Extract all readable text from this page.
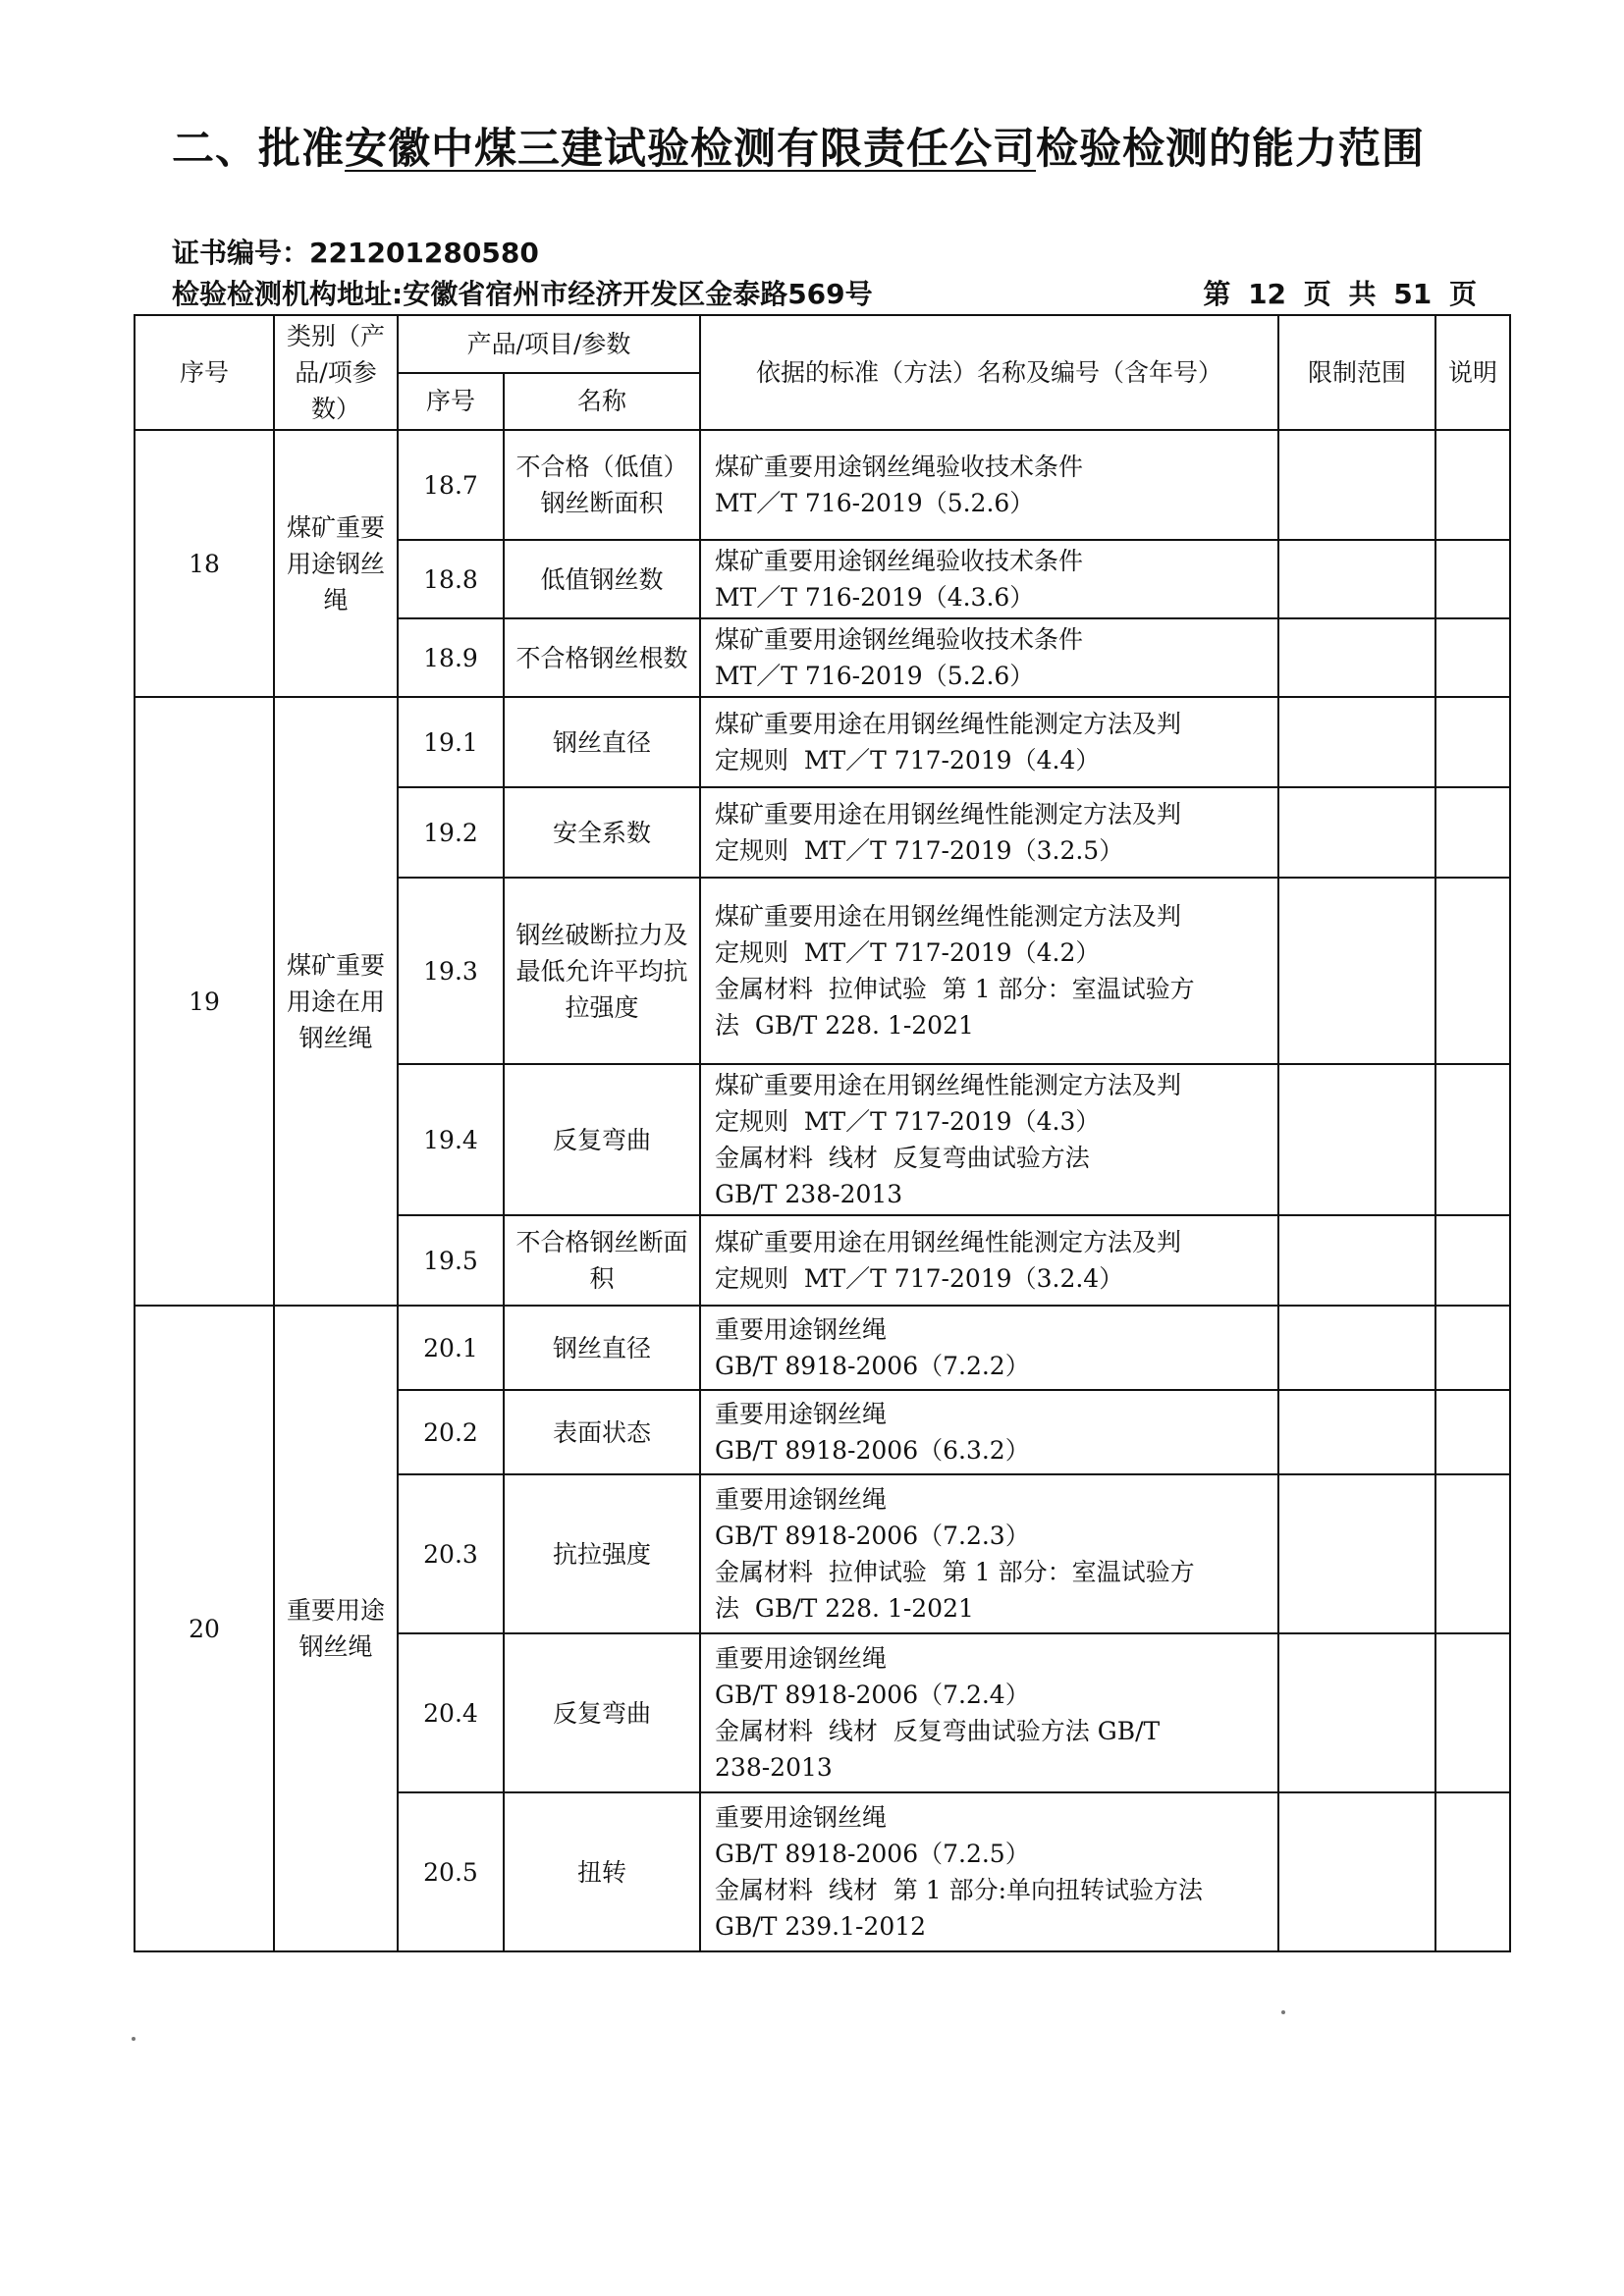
二、批准安徽中煤三建试验检测有限责任公司检验检测的能力范围
证书编号：221201280580
检验检测机构地址:安徽省宿州市经济开发区金泰路569号	第 12 页 共 51 页
序号	类别（产品/项参数）	产品/项目/参数		依据的标准（方法）名称及编号（含年号）	限制范围	说明
		序号	名称			
18	煤矿重要用途钢丝绳	18.7	不合格（低值）钢丝断面积	煤矿重要用途钢丝绳验收技术条件
MT／T 716-2019（5.2.6）		

		18.8	低值钢丝数	煤矿重要用途钢丝绳验收技术条件
MT／T 716-2019（4.3.6）		

		18.9	不合格钢丝根数	煤矿重要用途钢丝绳验收技术条件
MT／T 716-2019（5.2.6）		

19	煤矿重要用途在用钢丝绳	19.1	钢丝直径	煤矿重要用途在用钢丝绳性能测定方法及判
定规则  MT／T 717-2019（4.4）		

		19.2	安全系数	煤矿重要用途在用钢丝绳性能测定方法及判
定规则  MT／T 717-2019（3.2.5）		

		19.3	钢丝破断拉力及最低允许平均抗拉强度	煤矿重要用途在用钢丝绳性能测定方法及判
定规则  MT／T 717-2019（4.2）
金属材料  拉伸试验  第 1 部分：室温试验方
法  GB/T 228. 1-2021		

		19.4	反复弯曲	煤矿重要用途在用钢丝绳性能测定方法及判
定规则  MT／T 717-2019（4.3）
金属材料  线材  反复弯曲试验方法
GB/T 238-2013		

		19.5	不合格钢丝断面积	煤矿重要用途在用钢丝绳性能测定方法及判
定规则  MT／T 717-2019（3.2.4）		

20	重要用途钢丝绳	20.1	钢丝直径	重要用途钢丝绳
GB/T 8918-2006（7.2.2）		

		20.2	表面状态	重要用途钢丝绳
GB/T 8918-2006（6.3.2）		

		20.3	抗拉强度	重要用途钢丝绳
GB/T 8918-2006（7.2.3）
金属材料  拉伸试验  第 1 部分：室温试验方
法  GB/T 228. 1-2021		

		20.4	反复弯曲	重要用途钢丝绳
GB/T 8918-2006（7.2.4）
金属材料  线材  反复弯曲试验方法 GB/T
238-2013		

		20.5	扭转	重要用途钢丝绳
GB/T 8918-2006（7.2.5）
金属材料  线材  第 1 部分:单向扭转试验方法
GB/T 239.1-2012		
